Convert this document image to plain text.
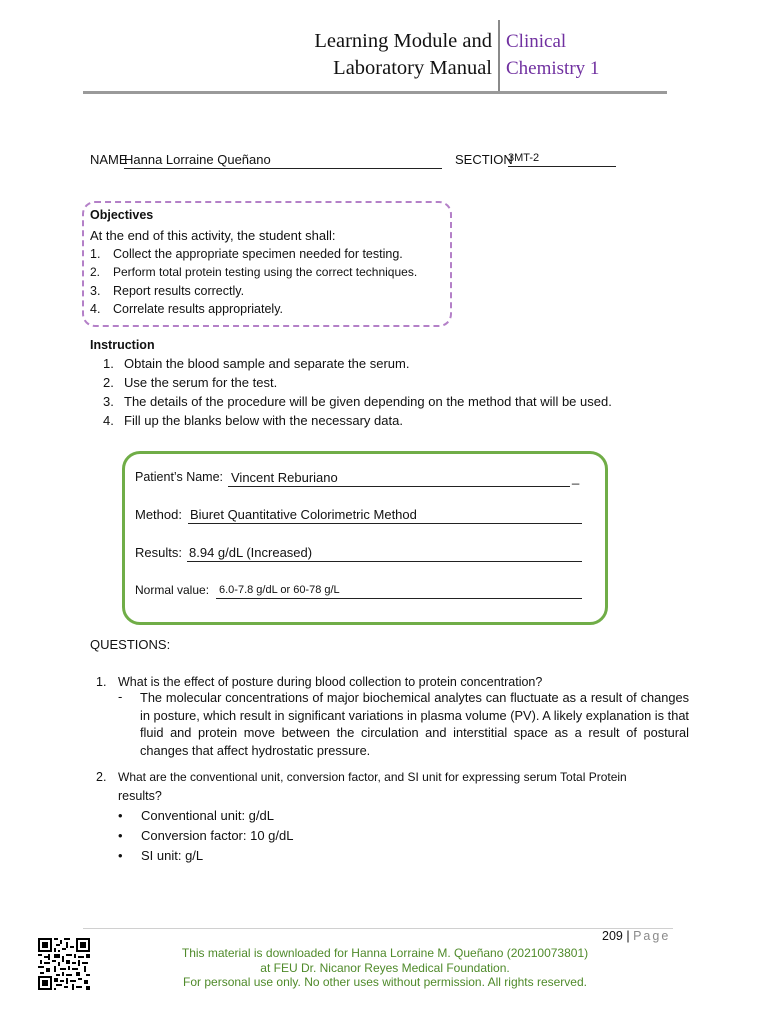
Learning Module and
Laboratory Manual
Clinical
Chemistry 1
NAME
Hanna Lorraine Queñano	SECTION
3MT-2
Objectives
At the end of this activity, the student shall:
1. Collect the appropriate specimen needed for testing.
2. Perform total protein testing using the correct techniques.
3. Report results correctly.
4. Correlate results appropriately.
Instruction
1. Obtain the blood sample and separate the serum.
2. Use the serum for the test.
3. The details of the procedure will be given depending on the method that will be used.
4. Fill up the blanks below with the necessary data.
Patient’s Name: Vincent Reburiano	_
Method: Biuret Quantitative Colorimetric Method
Results: 8.94 g/dL (Increased)
Normal value: 6.0-7.8 g/dL or 60-78 g/L
QUESTIONS:
1. What is the effect of posture during blood collection to protein concentration?
- The molecular concentrations of major biochemical analytes can fluctuate as a result of changes in posture, which result in significant variations in plasma volume (PV). A likely explanation is that fluid and protein move between the circulation and interstitial space as a result of postural changes that affect hydrostatic pressure.
2. What are the conventional unit, conversion factor, and SI unit for expressing serum Total Protein
results?
• Conventional unit: g/dL
• Conversion factor: 10 g/dL
• SI unit: g/L
209 | Page
This material is downloaded for Hanna Lorraine M. Queñano (20210073801)
at FEU Dr. Nicanor Reyes Medical Foundation.
For personal use only. No other uses without permission. All rights reserved.
